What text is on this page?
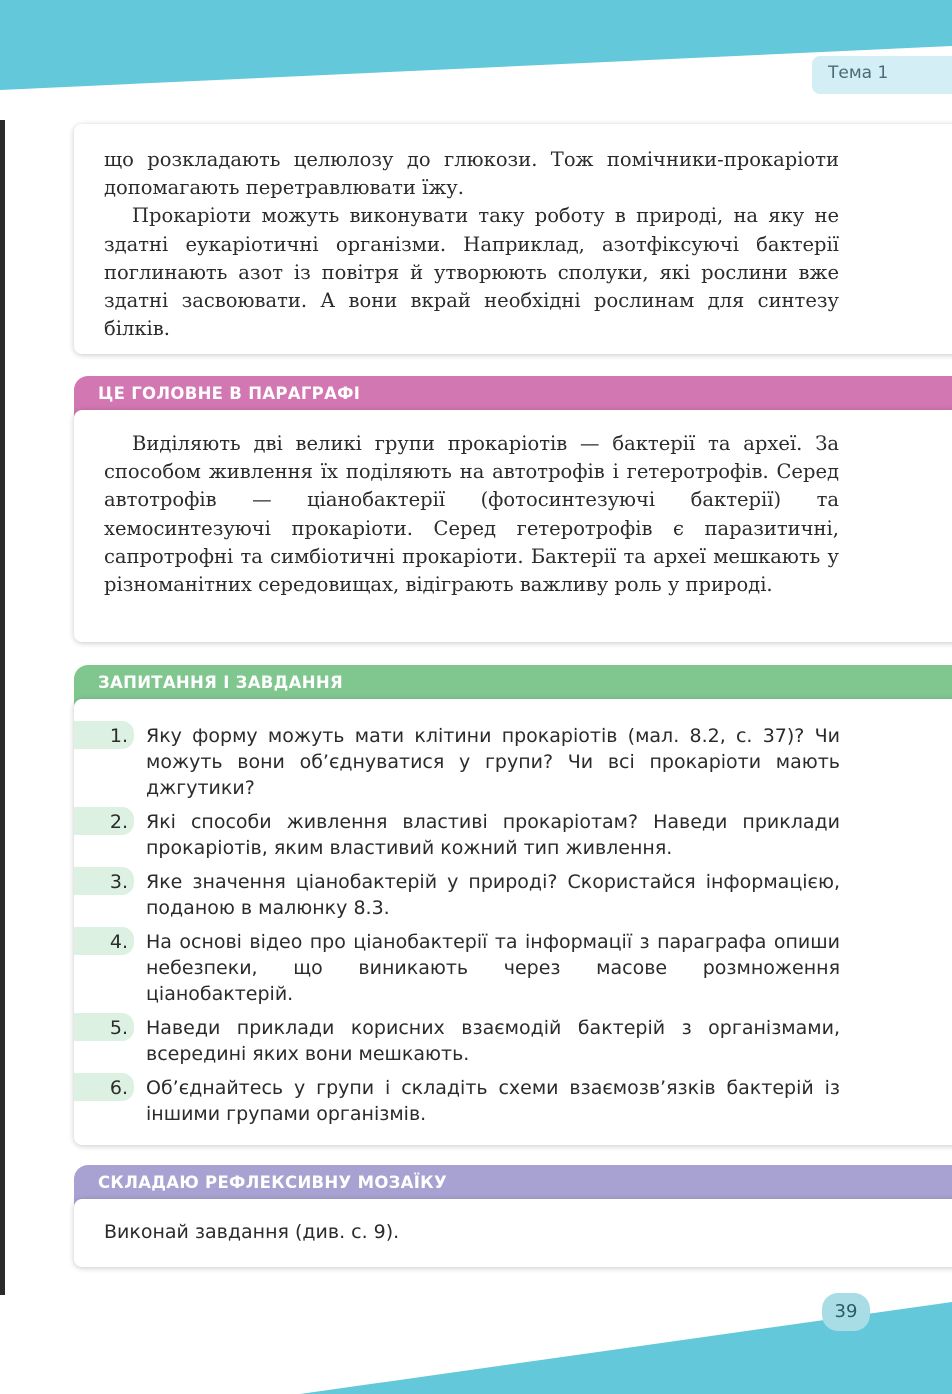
Тема 1

що розкладають целюлозу до глюкози. Тож помічники-прокаріоти допомагають перетравлювати їжу.

Прокаріоти можуть виконувати таку роботу в природі, на яку не здатні еукаріотичні організми. Наприклад, азотфіксуючі бактерії поглинають азот із повітря й утворюють сполуки, які рослини вже здатні засвоювати. А вони вкрай необхідні рослинам для синтезу білків.

ЦЕ ГОЛОВНЕ В ПАРАГРАФІ

Виділяють дві великі групи прокаріотів — бактерії та археї. За способом живлення їх поділяють на автотрофів і гетеротрофів. Серед автотрофів — ціанобактерії (фотосинтезуючі бактерії) та хемосинтезуючі прокаріоти. Серед гетеротрофів є паразитичні, сапротрофні та симбіотичні прокаріоти. Бактерії та археї мешкають у різноманітних середовищах, відіграють важливу роль у природі.

ЗАПИТАННЯ І ЗАВДАННЯ
1. Яку форму можуть мати клітини прокаріотів (мал. 8.2, с. 37)? Чи можуть вони об’єднуватися у групи? Чи всі прокаріоти мають джгутики?
2. Які способи живлення властиві прокаріотам? Наведи приклади прокаріотів, яким властивий кожний тип живлення.
3. Яке значення ціанобактерій у природі? Скористайся інформацією, поданою в малюнку 8.3.
4. На основі відео про ціанобактерії та інформації з параграфа опиши небезпеки, що виникають через масове розмноження ціанобактерій.
5. Наведи приклади корисних взаємодій бактерій з організмами, всередині яких вони мешкають.
6. Об’єднайтесь у групи і складіть схеми взаємозв’язків бактерій із іншими групами організмів.
СКЛАДАЮ РЕФЛЕКСИВНУ МОЗАЇКУ
Виконай завдання (див. с. 9).
39
